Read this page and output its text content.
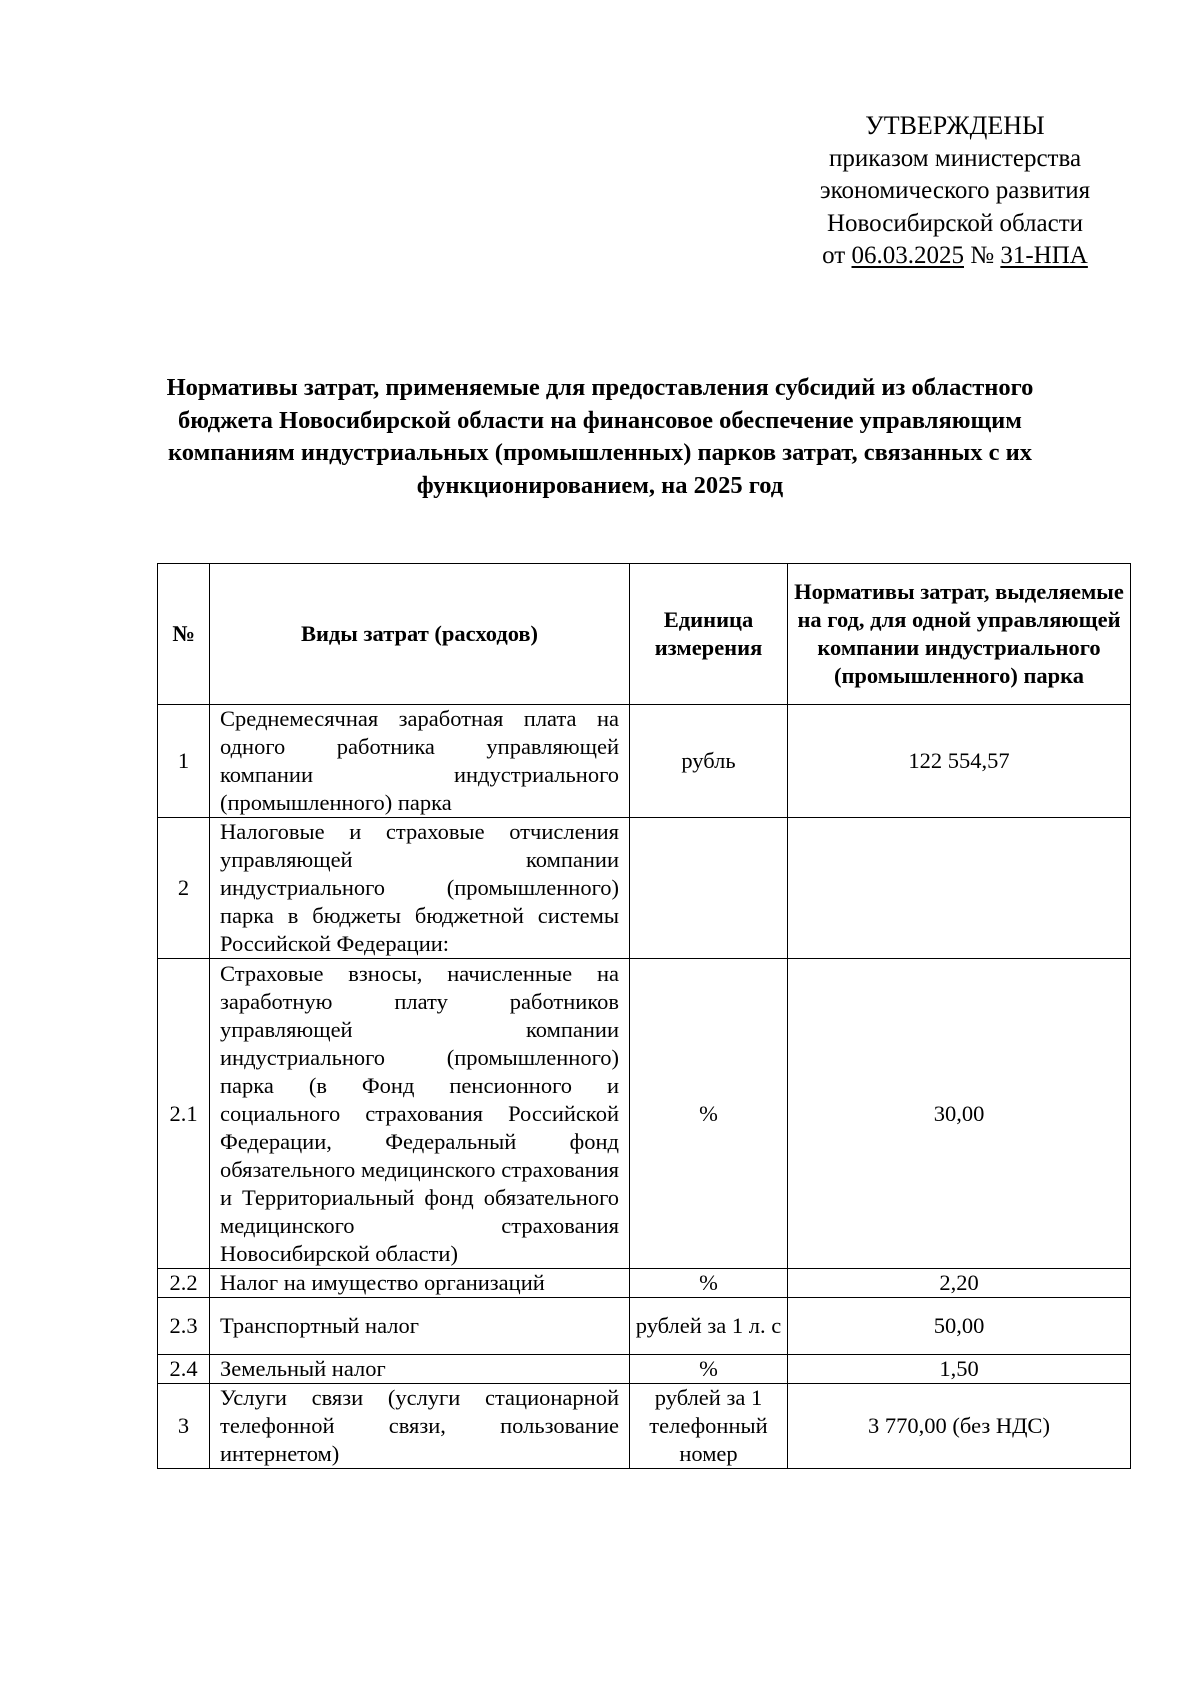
УТВЕРЖДЕНЫ
приказом министерства
экономического развития
Новосибирской области
от 06.03.2025 № 31-НПА
Нормативы затрат, применяемые для предоставления субсидий из областного бюджета Новосибирской области на финансовое обеспечение управляющим компаниям индустриальных (промышленных) парков затрат, связанных с их функционированием, на 2025 год
№	Виды затрат (расходов)	Единица измерения	Нормативы затрат, выделяемые на год, для одной управляющей компании индустриального (промышленного) парка
1	Среднемесячная заработная плата на одного работника управляющей компании индустриального (промышленного) парка	рубль	122 554,57
2	Налоговые и страховые отчисления управляющей компании индустриального (промышленного) парка в бюджеты бюджетной системы Российской Федерации:		
2.1	Страховые взносы, начисленные на заработную плату работников управляющей компании индустриального (промышленного) парка (в Фонд пенсионного и социального страхования Российской Федерации, Федеральный фонд обязательного медицинского страхования и Территориальный фонд обязательного медицинского страхования Новосибирской области)	%	30,00
2.2	Налог на имущество организаций	%	2,20
2.3	Транспортный налог	рублей за 1 л. с	50,00
2.4	Земельный налог	%	1,50
3	Услуги связи (услуги стационарной телефонной связи, пользование интернетом)	рублей за 1 телефонный номер	3 770,00 (без НДС)
